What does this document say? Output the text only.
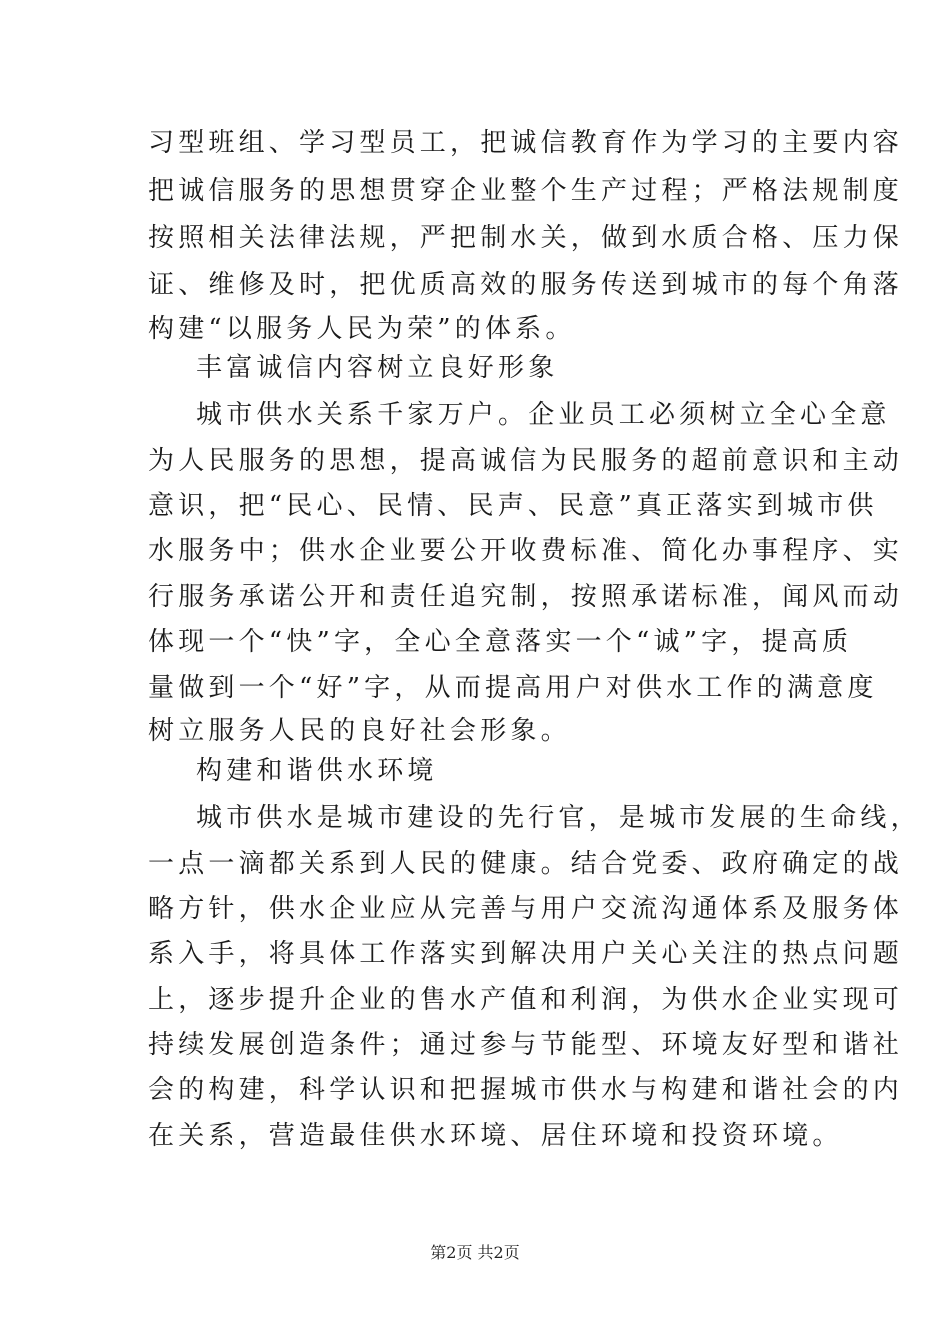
习型班组、学习型员工，把诚信教育作为学习的主要内容
把诚信服务的思想贯穿企业整个生产过程；严格法规制度
按照相关法律法规，严把制水关，做到水质合格、压力保
证、维修及时，把优质高效的服务传送到城市的每个角落
构建“以服务人民为荣”的体系。
丰富诚信内容树立良好形象
城市供水关系千家万户。企业员工必须树立全心全意
为人民服务的思想，提高诚信为民服务的超前意识和主动
意识，把“民心、民情、民声、民意”真正落实到城市供
水服务中；供水企业要公开收费标准、简化办事程序、实
行服务承诺公开和责任追究制，按照承诺标准，闻风而动
体现一个“快”字，全心全意落实一个“诚”字，提高质
量做到一个“好”字，从而提高用户对供水工作的满意度
树立服务人民的良好社会形象。
构建和谐供水环境
城市供水是城市建设的先行官，是城市发展的生命线，
一点一滴都关系到人民的健康。结合党委、政府确定的战
略方针，供水企业应从完善与用户交流沟通体系及服务体
系入手，将具体工作落实到解决用户关心关注的热点问题
上，逐步提升企业的售水产值和利润，为供水企业实现可
持续发展创造条件；通过参与节能型、环境友好型和谐社
会的构建，科学认识和把握城市供水与构建和谐社会的内
在关系，营造最佳供水环境、居住环境和投资环境。
第2页 共2页
